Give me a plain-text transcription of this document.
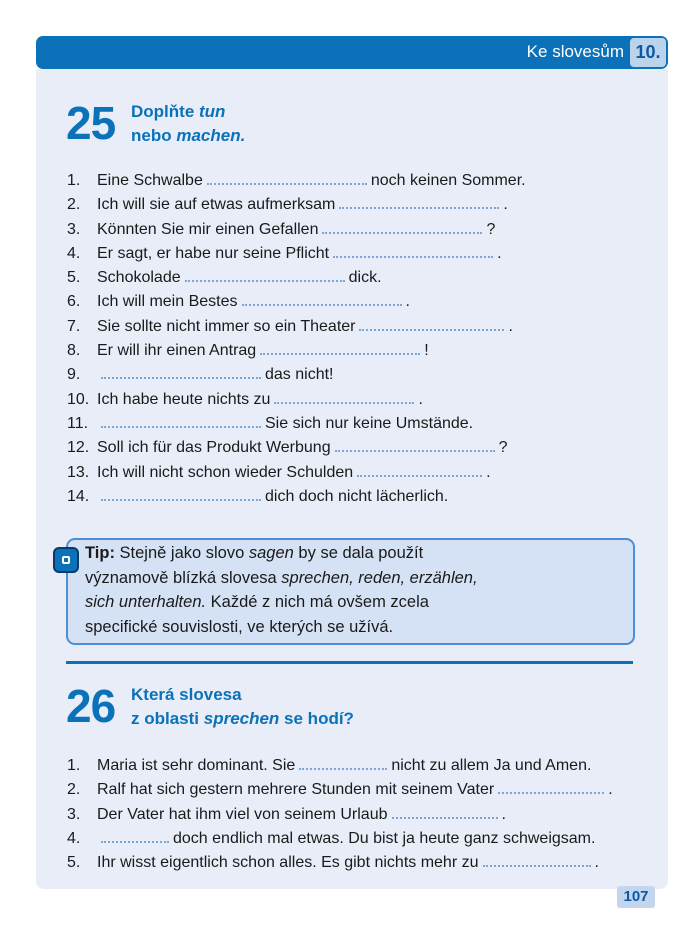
Ke slovesům 10.
25 Doplňte tun
nebo machen.
1. Eine Schwalbe	noch keinen Sommer.
2. Ich will sie auf etwas aufmerksam	.
3. Könnten Sie mir einen Gefallen	?
4. Er sagt, er habe nur seine Pflicht	.
5. Schokolade	dick.
6. Ich will mein Bestes	.
7. Sie sollte nicht immer so ein Theater	.
8. Er will ihr einen Antrag	!
9.	das nicht!
10. Ich habe heute nichts zu	.
11.	Sie sich nur keine Umstände.
12. Soll ich für das Produkt Werbung	?
13. Ich will nicht schon wieder Schulden	.
14.	dich doch nicht lächerlich.
Tip: Stejně jako slovo sagen by se dala použít
významově blízká slovesa sprechen, reden, erzählen,
sich unterhalten. Každé z nich má ovšem zcela
specifické souvislosti, ve kterých se užívá.
26 Která slovesa
z oblasti sprechen se hodí?
1. Maria ist sehr dominant. Sie	nicht zu allem Ja und Amen.
2. Ralf hat sich gestern mehrere Stunden mit seinem Vater	.
3. Der Vater hat ihm viel von seinem Urlaub	.
4.	doch endlich mal etwas. Du bist ja heute ganz schweigsam.
5. Ihr wisst eigentlich schon alles. Es gibt nichts mehr zu	.
107
